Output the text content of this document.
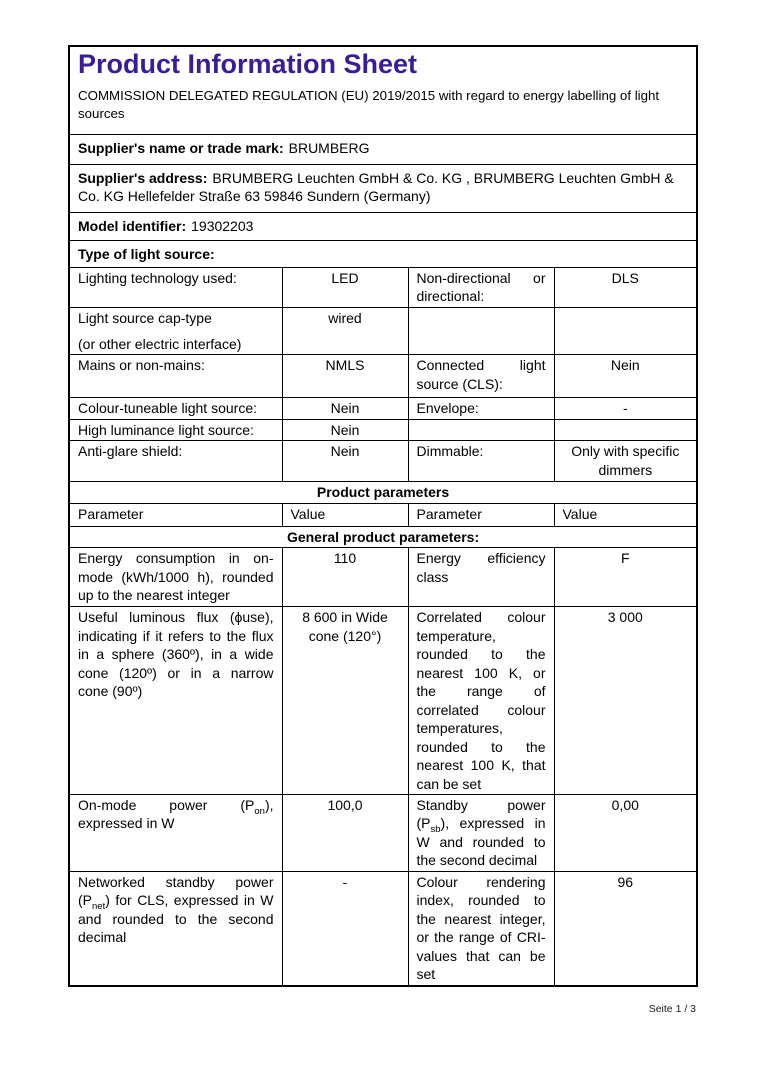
Product Information Sheet
COMMISSION DELEGATED REGULATION (EU) 2019/2015 with regard to energy labelling of light sources			

Supplier's name or trade mark: BRUMBERG			
Supplier's address: BRUMBERG Leuchten GmbH & Co. KG , BRUMBERG Leuchten GmbH & Co. KG Hellefelder Straße 63 59846 Sundern (Germany)			
Model identifier: 19302203			
Type of light source:			
Lighting technology used:	LED	Non-directional or directional:	DLS

Light source cap-type
(or other electric interface)	wired		
Mains or non-mains:	NMLS	Connected light source (CLS):	Nein
Colour-tuneable light source:	Nein	Envelope:	-
High luminance light source:	Nein		
Anti-glare shield:	Nein	Dimmable:	Only with specific dimmers
Product parameters			
Parameter	Value	Parameter	Value
General product parameters:			
Energy consumption in on-mode (kWh/1000 h), rounded up to the nearest integer	110	Energy efficiency class	F
Useful luminous flux (ϕuse), indicating if it refers to the flux in a sphere (360º), in a wide cone (120º) or in a narrow cone (90º)	8 600 in Wide cone (120°)	Correlated colour temperature, rounded to the nearest 100 K, or the range of correlated colour temperatures, rounded to the nearest 100 K, that can be set	3 000
On-mode power $(P_{on})$, expressed in W	100,0	Standby power $(P_{sb})$, expressed in W and rounded to the second decimal	0,00
Networked standby power $(P_{net})$ for CLS, expressed in W and rounded to the second decimal	-	Colour rendering index, rounded to the nearest integer, or the range of CRI-values that can be set	96
Seite 1 / 3
